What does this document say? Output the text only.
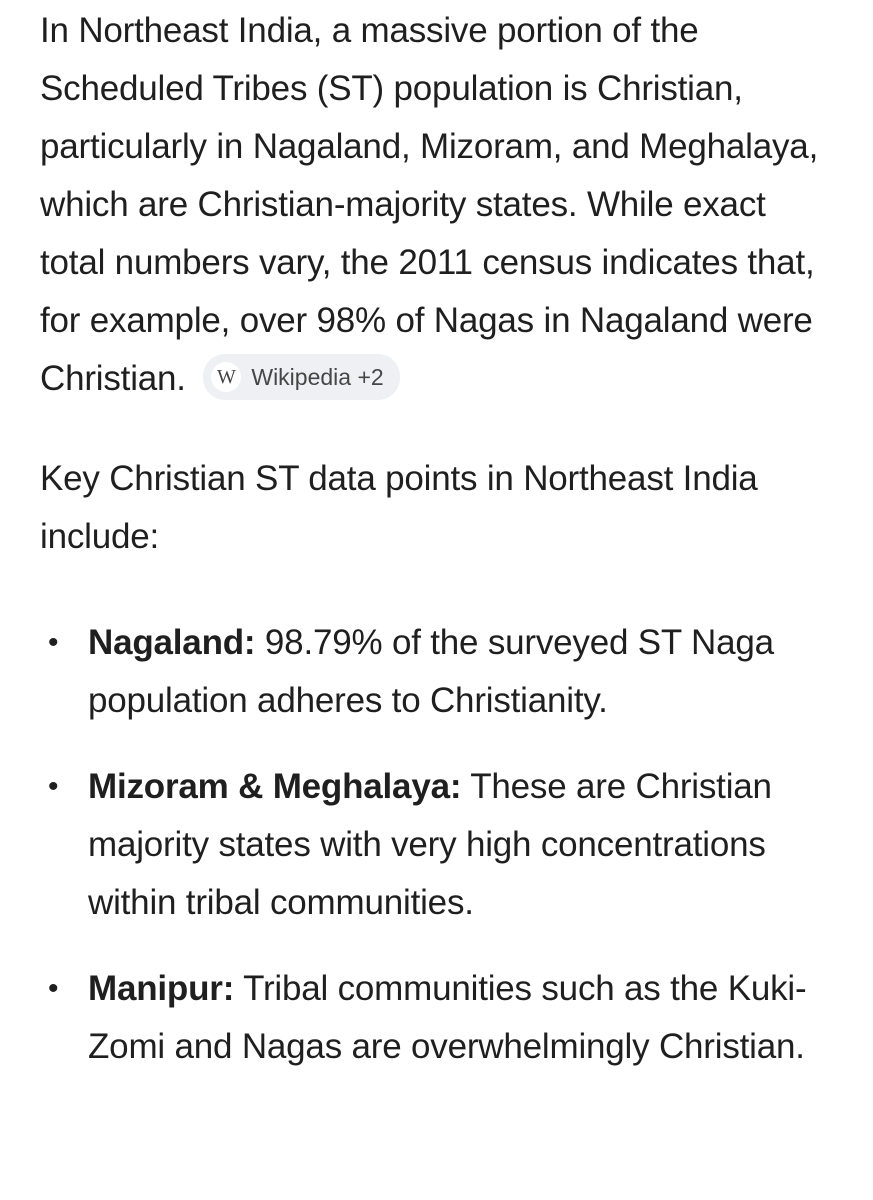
In Northeast India, a massive portion of the Scheduled Tribes (ST) population is Christian, particularly in Nagaland, Mizoram, and Meghalaya, which are Christian-majority states. While exact total numbers vary, the 2011 census indicates that, for example, over 98% of Nagas in Nagaland were Christian. W Wikipedia +2

Key Christian ST data points in Northeast India include:

• Nagaland: 98.79% of the surveyed ST Naga population adheres to Christianity.
• Mizoram & Meghalaya: These are Christian majority states with very high concentrations within tribal communities.
• Manipur: Tribal communities such as the Kuki-Zomi and Nagas are overwhelmingly Christian.
